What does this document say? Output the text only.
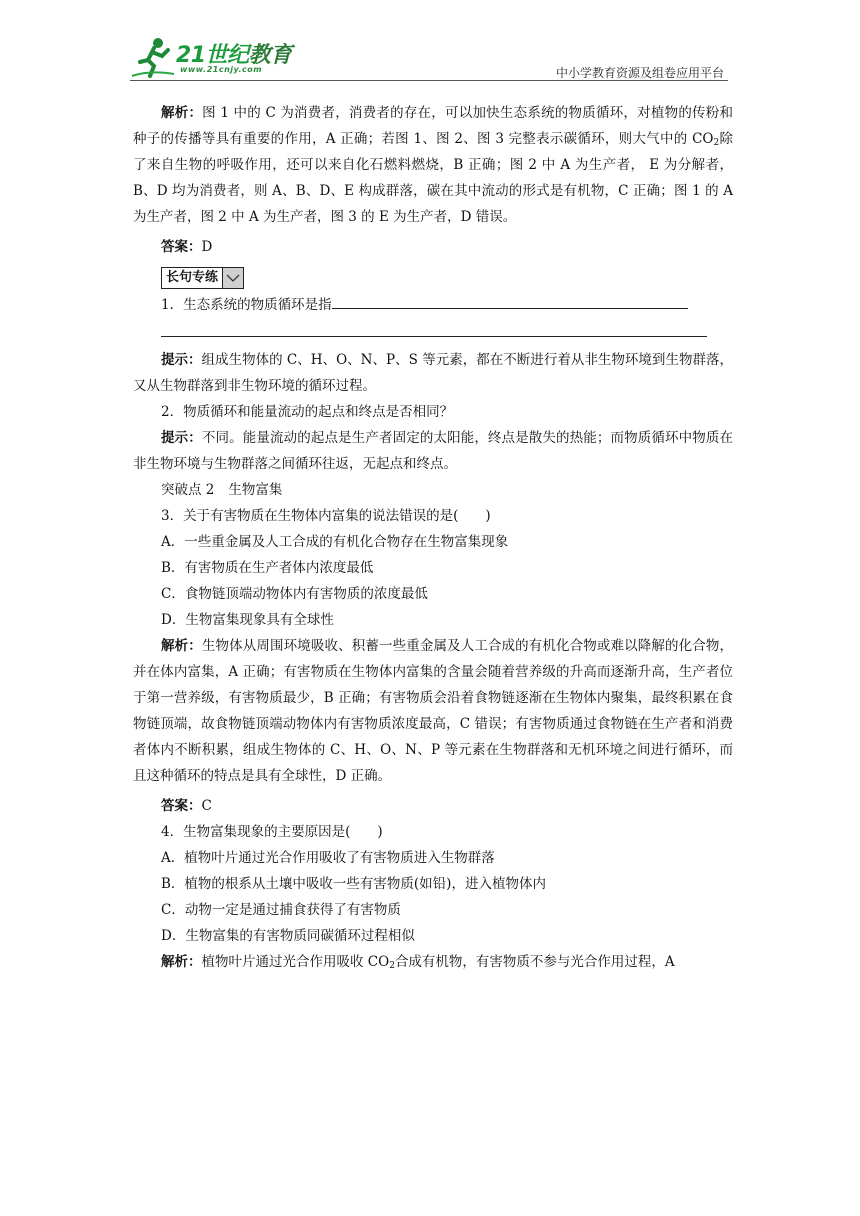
21世纪教育
www.21cnjy.com	中小学教育资源及组卷应用平台

解析：图 1 中的 C 为消费者，消费者的存在，可以加快生态系统的物质循环，对植物的传粉和种子的传播等具有重要的作用，A 正确；若图 1、图 2、图 3 完整表示碳循环，则大气中的 $CO_2$除了来自生物的呼吸作用，还可以来自化石燃料燃烧，B 正确；图 2 中 A 为生产者， E 为分解者，B、D 均为消费者，则 A、B、D、E 构成群落，碳在其中流动的形式是有机物，C 正确；图 1 的 A 为生产者，图 2 中 A 为生产者，图 3 的 E 为生产者，D 错误。

答案：D

长句专练

1．生态系统的物质循环是指

提示：组成生物体的 C、H、O、N、P、S 等元素，都在不断进行着从非生物环境到生物群落，又从生物群落到非生物环境的循环过程。

2．物质循环和能量流动的起点和终点是否相同？

提示：不同。能量流动的起点是生产者固定的太阳能，终点是散失的热能；而物质循环中物质在非生物环境与生物群落之间循环往返，无起点和终点。

突破点 2 生物富集

3．关于有害物质在生物体内富集的说法错误的是(　　)

A．一些重金属及人工合成的有机化合物存在生物富集现象

B．有害物质在生产者体内浓度最低

C．食物链顶端动物体内有害物质的浓度最低

D．生物富集现象具有全球性

解析：生物体从周围环境吸收、积蓄一些重金属及人工合成的有机化合物或难以降解的化合物，并在体内富集，A 正确；有害物质在生物体内富集的含量会随着营养级的升高而逐渐升高，生产者位于第一营养级，有害物质最少，B 正确；有害物质会沿着食物链逐渐在生物体内聚集，最终积累在食物链顶端，故食物链顶端动物体内有害物质浓度最高，C 错误；有害物质通过食物链在生产者和消费者体内不断积累，组成生物体的 C、H、O、N、P 等元素在生物群落和无机环境之间进行循环，而且这种循环的特点是具有全球性，D 正确。

答案：C

4．生物富集现象的主要原因是(　　)

A．植物叶片通过光合作用吸收了有害物质进入生物群落

B．植物的根系从土壤中吸收一些有害物质(如铅)，进入植物体内

C．动物一定是通过捕食获得了有害物质

D．生物富集的有害物质同碳循环过程相似

解析：植物叶片通过光合作用吸收 $CO_2$合成有机物，有害物质不参与光合作用过程，A
